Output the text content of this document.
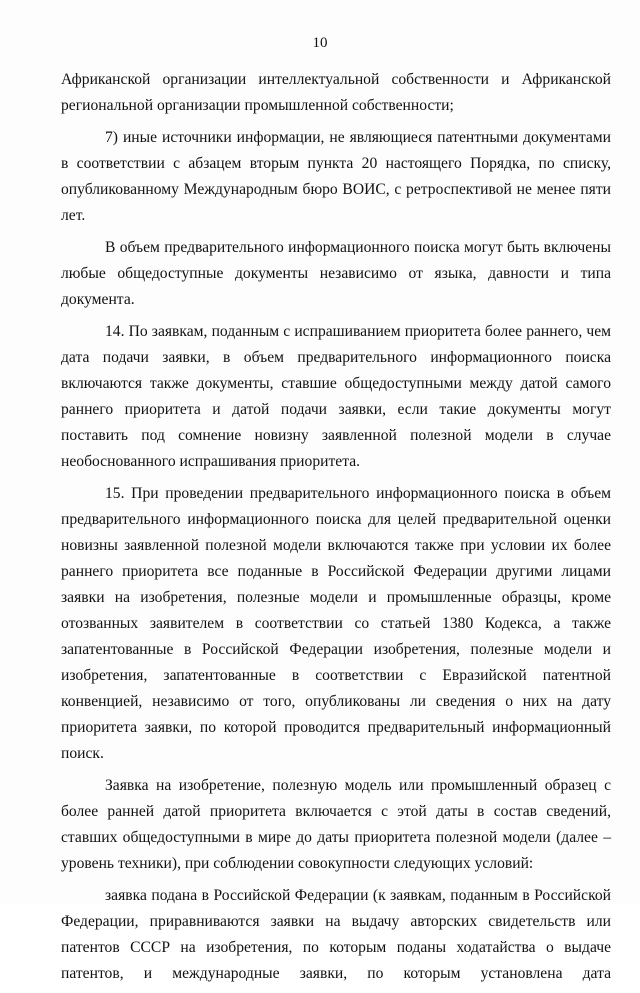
10

Африканской организации интеллектуальной собственности и Африканской региональной организации промышленной собственности;

7) иные источники информации, не являющиеся патентными документами в соответствии с абзацем вторым пункта 20 настоящего Порядка, по списку, опубликованному Международным бюро ВОИС, с ретроспективой не менее пяти лет.

В объем предварительного информационного поиска могут быть включены любые общедоступные документы независимо от языка, давности и типа документа.

14. По заявкам, поданным с испрашиванием приоритета более раннего, чем дата подачи заявки, в объем предварительного информационного поиска включаются также документы, ставшие общедоступными между датой самого раннего приоритета и датой подачи заявки, если такие документы могут поставить под сомнение новизну заявленной полезной модели в случае необоснованного испрашивания приоритета.

15. При проведении предварительного информационного поиска в объем предварительного информационного поиска для целей предварительной оценки новизны заявленной полезной модели включаются также при условии их более раннего приоритета все поданные в Российской Федерации другими лицами заявки на изобретения, полезные модели и промышленные образцы, кроме отозванных заявителем в соответствии со статьей 1380 Кодекса, а также запатентованные в Российской Федерации изобретения, полезные модели и изобретения, запатентованные в соответствии с Евразийской патентной конвенцией, независимо от того, опубликованы ли сведения о них на дату приоритета заявки, по которой проводится предварительный информационный поиск.

Заявка на изобретение, полезную модель или промышленный образец с более ранней датой приоритета включается с этой даты в состав сведений, ставших общедоступными в мире до даты приоритета полезной модели (далее – уровень техники), при соблюдении совокупности следующих условий:

заявка подана в Российской Федерации (к заявкам, поданным в Российской Федерации, приравниваются заявки на выдачу авторских свидетельств или патентов СССР на изобретения, по которым поданы ходатайства о выдаче патентов, и международные заявки, по которым установлена дата
